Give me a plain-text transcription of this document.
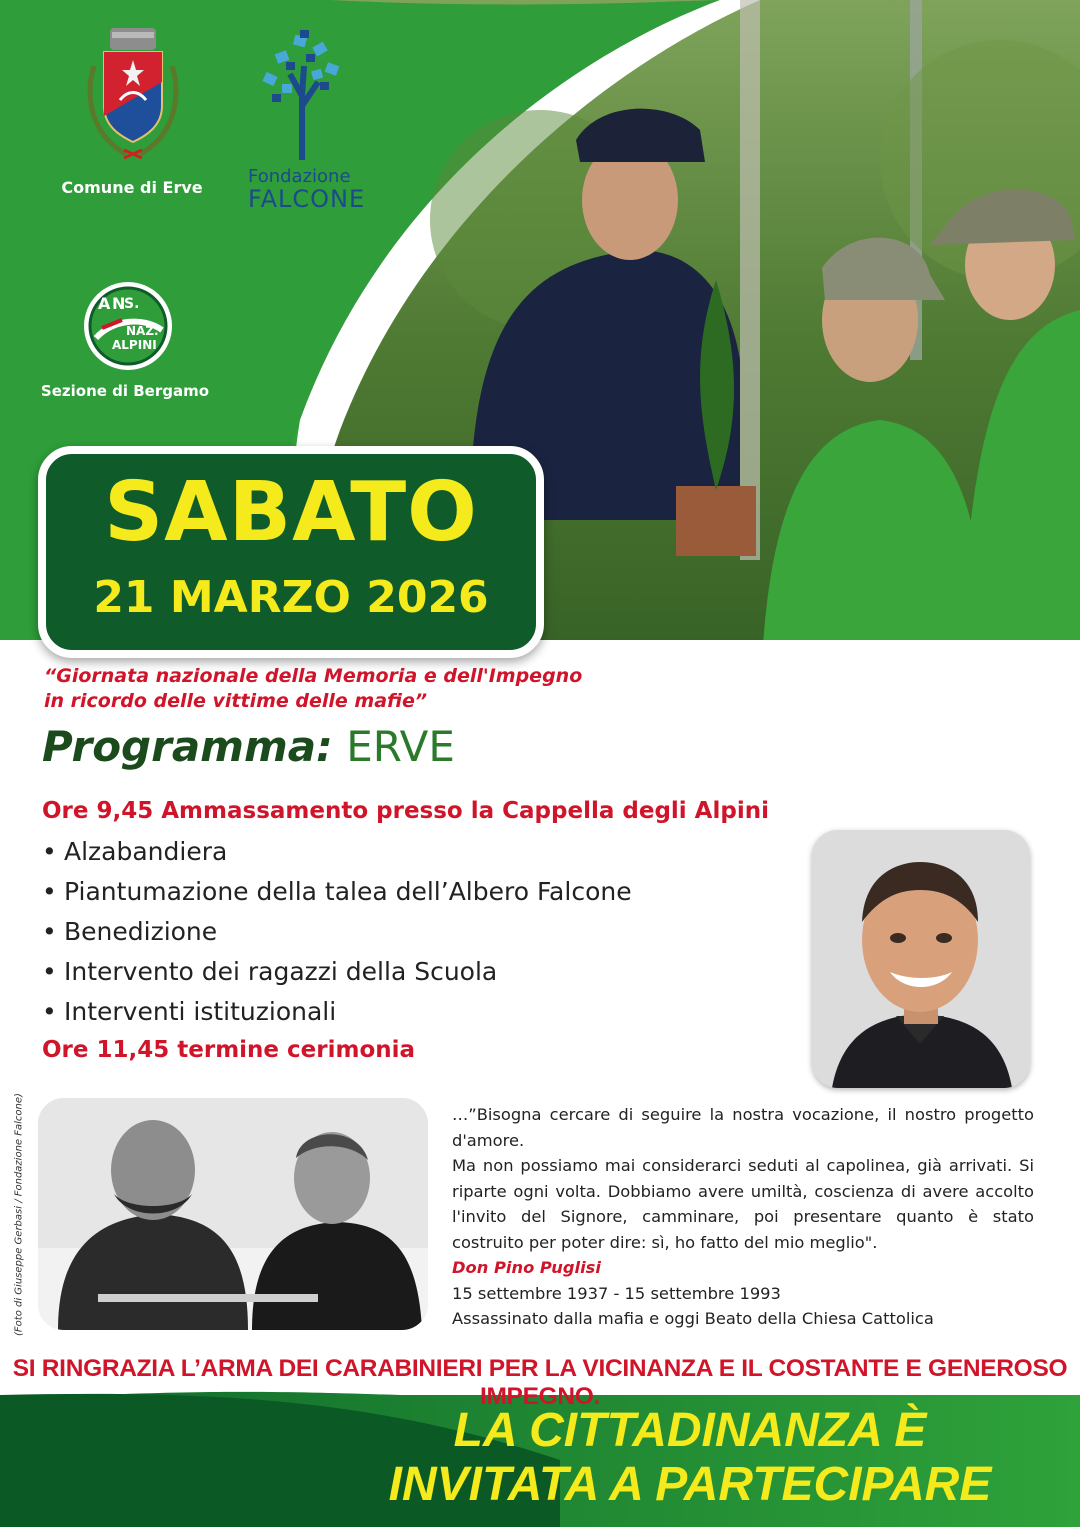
Comune di Erve
Fondazione
FALCONE
A N
S.
NAZ.
ALPINI
Sezione di Bergamo
SABATO
21 MARZO 2026
“Giornata nazionale della Memoria e dell'Impegno
in ricordo delle vittime delle mafie”
Programma: ERVE
Ore 9,45 Ammassamento presso la Cappella degli Alpini
• Alzabandiera
• Piantumazione della talea dell’Albero Falcone
• Benedizione
• Intervento dei ragazzi della Scuola
• Interventi istituzionali
Ore 11,45 termine cerimonia
(Foto di Giuseppe Gerbasi / Fondazione Falcone)	…”Bisogna cercare di seguire la nostra vocazione, il nostro progetto d'amore.

Ma non possiamo mai considerarci seduti al capolinea, già arrivati. Si riparte ogni volta. Dobbiamo avere umiltà, coscienza di avere accolto l'invito del Signore, camminare, poi presentare quanto è stato costruito per poter dire: sì, ho fatto del mio meglio".

Don Pino Puglisi

15 settembre 1937 - 15 settembre 1993

Assassinato dalla mafia e oggi Beato della Chiesa Cattolica

SI RINGRAZIA L’ARMA DEI CARABINIERI PER LA VICINANZA E IL COSTANTE E GENEROSO IMPEGNO.
LA CITTADINANZA È
INVITATA A PARTECIPARE
